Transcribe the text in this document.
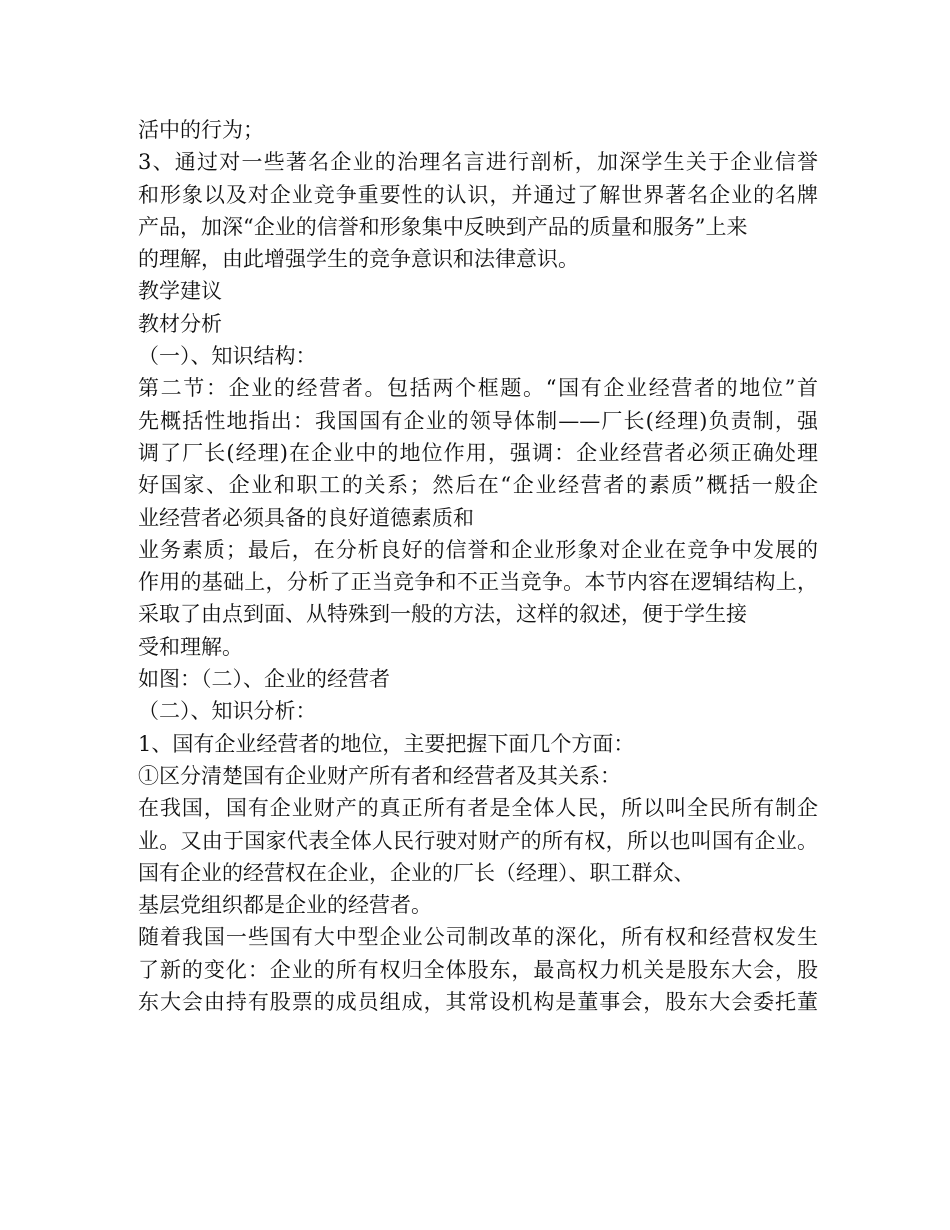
活中的行为；
3、通过对一些著名企业的治理名言进行剖析，加深学生关于企业信誉
和形象以及对企业竞争重要性的认识，并通过了解世界著名企业的名牌
产品，加深“企业的信誉和形象集中反映到产品的质量和服务”上来
的理解，由此增强学生的竞争意识和法律意识。
教学建议
教材分析
（一）、知识结构：
第二节：企业的经营者。包括两个框题。“国有企业经营者的地位”首
先概括性地指出：我国国有企业的领导体制——厂长(经理)负责制，强
调了厂长(经理)在企业中的地位作用，强调：企业经营者必须正确处理
好国家、企业和职工的关系；然后在“企业经营者的素质”概括一般企
业经营者必须具备的良好道德素质和
业务素质；最后，在分析良好的信誉和企业形象对企业在竞争中发展的
作用的基础上，分析了正当竞争和不正当竞争。本节内容在逻辑结构上，
采取了由点到面、从特殊到一般的方法，这样的叙述，便于学生接
受和理解。
如图：（二）、企业的经营者
（二）、知识分析：
1、国有企业经营者的地位，主要把握下面几个方面：
①区分清楚国有企业财产所有者和经营者及其关系：
在我国，国有企业财产的真正所有者是全体人民，所以叫全民所有制企
业。又由于国家代表全体人民行驶对财产的所有权，所以也叫国有企业。
国有企业的经营权在企业，企业的厂长（经理）、职工群众、
基层党组织都是企业的经营者。
随着我国一些国有大中型企业公司制改革的深化，所有权和经营权发生
了新的变化：企业的所有权归全体股东，最高权力机关是股东大会，股
东大会由持有股票的成员组成，其常设机构是董事会，股东大会委托董
